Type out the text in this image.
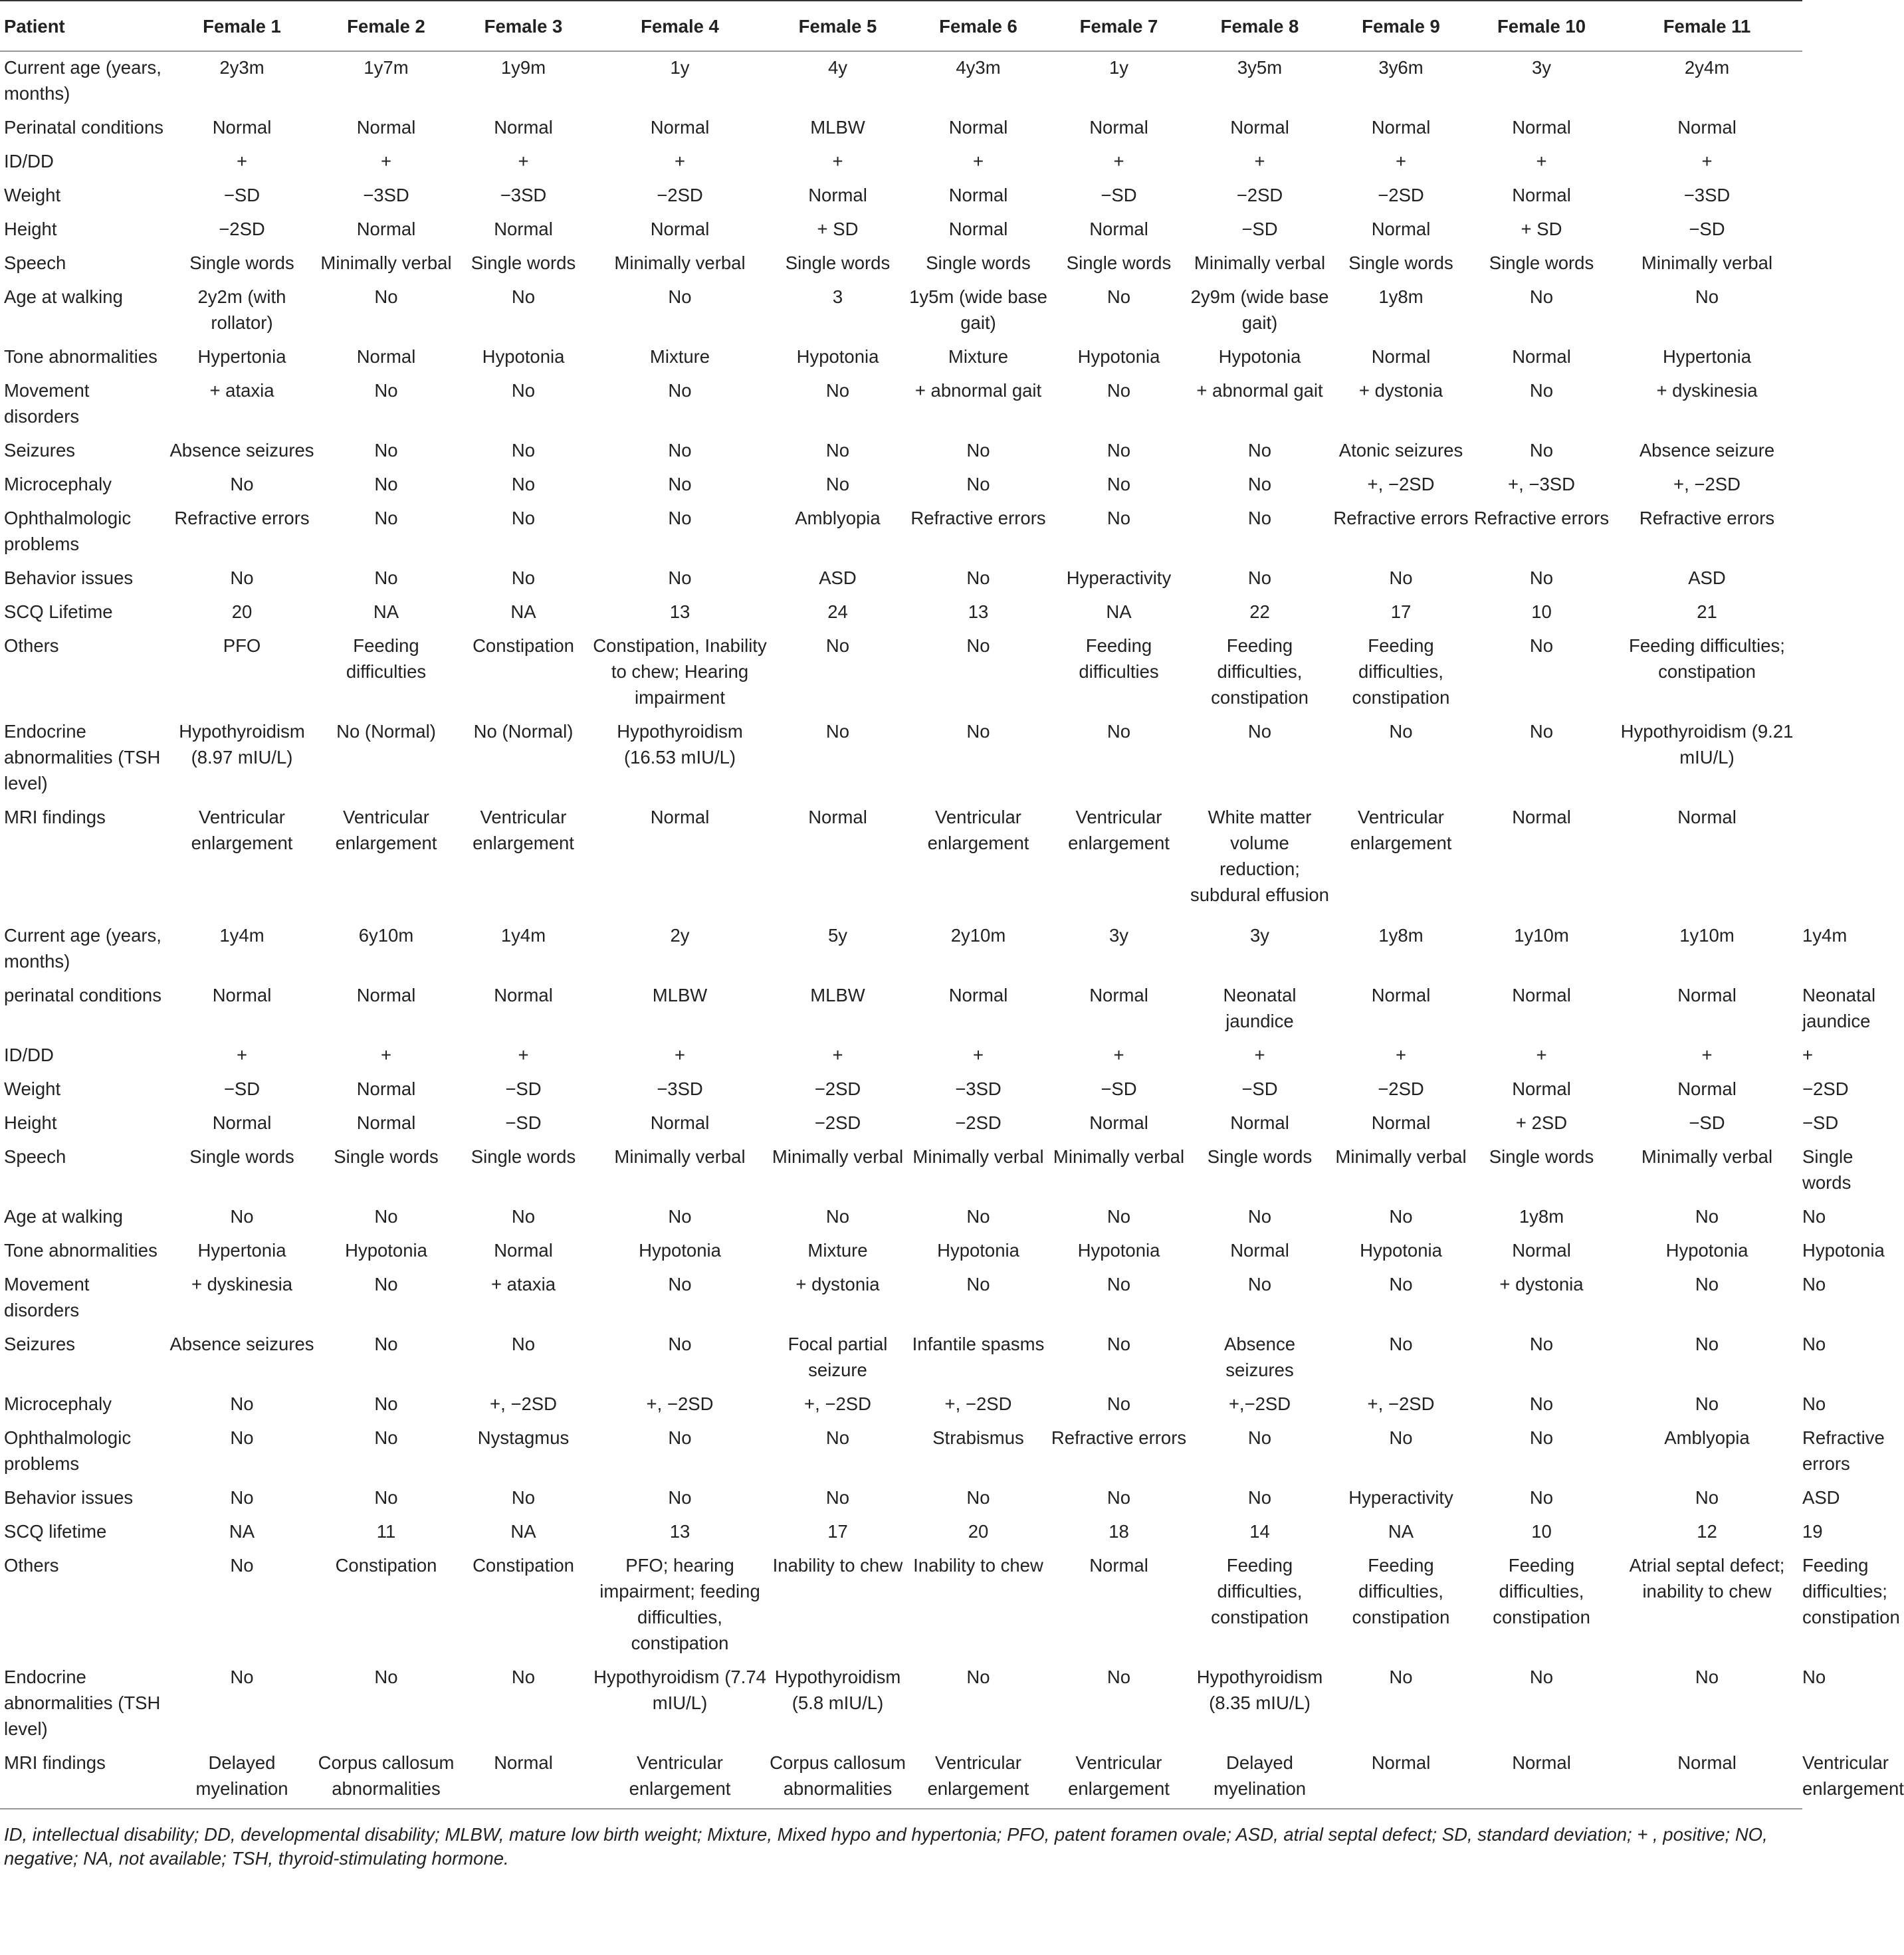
Patient	Female 1	Female 2	Female 3	Female 4	Female 5	Female 6	Female 7	Female 8	Female 9	Female 10	Female 11	
Current age (years, months)	2y3m	1y7m	1y9m	1y	4y	4y3m	1y	3y5m	3y6m	3y	2y4m	
Perinatal conditions	Normal	Normal	Normal	Normal	MLBW	Normal	Normal	Normal	Normal	Normal	Normal	
ID/DD	+	+	+	+	+	+	+	+	+	+	+	
Weight	−SD	−3SD	−3SD	−2SD	Normal	Normal	−SD	−2SD	−2SD	Normal	−3SD	
Height	−2SD	Normal	Normal	Normal	+ SD	Normal	Normal	−SD	Normal	+ SD	−SD	
Speech	Single words	Minimally verbal	Single words	Minimally verbal	Single words	Single words	Single words	Minimally verbal	Single words	Single words	Minimally verbal	
Age at walking	2y2m (with rollator)	No	No	No	3	1y5m (wide base gait)	No	2y9m (wide base gait)	1y8m	No	No	
Tone abnormalities	Hypertonia	Normal	Hypotonia	Mixture	Hypotonia	Mixture	Hypotonia	Hypotonia	Normal	Normal	Hypertonia	
Movement disorders	+ ataxia	No	No	No	No	+ abnormal gait	No	+ abnormal gait	+ dystonia	No	+ dyskinesia	
Seizures	Absence seizures	No	No	No	No	No	No	No	Atonic seizures	No	Absence seizure	
Microcephaly	No	No	No	No	No	No	No	No	+, −2SD	+, −3SD	+, −2SD	
Ophthalmologic problems	Refractive errors	No	No	No	Amblyopia	Refractive errors	No	No	Refractive errors	Refractive errors	Refractive errors	
Behavior issues	No	No	No	No	ASD	No	Hyperactivity	No	No	No	ASD	
SCQ Lifetime	20	NA	NA	13	24	13	NA	22	17	10	21	
Others	PFO	Feeding difficulties	Constipation	Constipation, Inability to chew; Hearing impairment	No	No	Feeding difficulties	Feeding difficulties, constipation	Feeding difficulties, constipation	No	Feeding difficulties; constipation	
Endocrine abnormalities (TSH level)	Hypothyroidism (8.97 mIU/L)	No (Normal)	No (Normal)	Hypothyroidism (16.53 mIU/L)	No	No	No	No	No	No	Hypothyroidism (9.21 mIU/L)	
MRI findings	Ventricular enlargement	Ventricular enlargement	Ventricular enlargement	Normal	Normal	Ventricular enlargement	Ventricular enlargement	White matter volume reduction; subdural effusion	Ventricular enlargement	Normal	Normal	
Current age (years, months)	1y4m	6y10m	1y4m	2y	5y	2y10m	3y	3y	1y8m	1y10m	1y10m	1y4m
perinatal conditions	Normal	Normal	Normal	MLBW	MLBW	Normal	Normal	Neonatal jaundice	Normal	Normal	Normal	Neonatal jaundice
ID/DD	+	+	+	+	+	+	+	+	+	+	+	+
Weight	−SD	Normal	−SD	−3SD	−2SD	−3SD	−SD	−SD	−2SD	Normal	Normal	−2SD
Height	Normal	Normal	−SD	Normal	−2SD	−2SD	Normal	Normal	Normal	+ 2SD	−SD	−SD
Speech	Single words	Single words	Single words	Minimally verbal	Minimally verbal	Minimally verbal	Minimally verbal	Single words	Minimally verbal	Single words	Minimally verbal	Single words
Age at walking	No	No	No	No	No	No	No	No	No	1y8m	No	No
Tone abnormalities	Hypertonia	Hypotonia	Normal	Hypotonia	Mixture	Hypotonia	Hypotonia	Normal	Hypotonia	Normal	Hypotonia	Hypotonia
Movement disorders	+ dyskinesia	No	+ ataxia	No	+ dystonia	No	No	No	No	+ dystonia	No	No
Seizures	Absence seizures	No	No	No	Focal partial seizure	Infantile spasms	No	Absence seizures	No	No	No	No
Microcephaly	No	No	+, −2SD	+, −2SD	+, −2SD	+, −2SD	No	+,−2SD	+, −2SD	No	No	No
Ophthalmologic problems	No	No	Nystagmus	No	No	Strabismus	Refractive errors	No	No	No	Amblyopia	Refractive errors
Behavior issues	No	No	No	No	No	No	No	No	Hyperactivity	No	No	ASD
SCQ lifetime	NA	11	NA	13	17	20	18	14	NA	10	12	19
Others	No	Constipation	Constipation	PFO; hearing impairment; feeding difficulties, constipation	Inability to chew	Inability to chew	Normal	Feeding difficulties, constipation	Feeding difficulties, constipation	Feeding difficulties, constipation	Atrial septal defect; inability to chew	Feeding difficulties; constipation
Endocrine abnormalities (TSH level)	No	No	No	Hypothyroidism (7.74 mIU/L)	Hypothyroidism (5.8 mIU/L)	No	No	Hypothyroidism (8.35 mIU/L)	No	No	No	No
MRI findings	Delayed myelination	Corpus callosum abnormalities	Normal	Ventricular enlargement	Corpus callosum abnormalities	Ventricular enlargement	Ventricular enlargement	Delayed myelination	Normal	Normal	Normal	Ventricular enlargement
ID, intellectual disability; DD, developmental disability; MLBW, mature low birth weight; Mixture, Mixed hypo and hypertonia; PFO, patent foramen ovale; ASD, atrial septal defect; SD, standard deviation; + , positive; NO, negative; NA, not available; TSH, thyroid-stimulating hormone.
